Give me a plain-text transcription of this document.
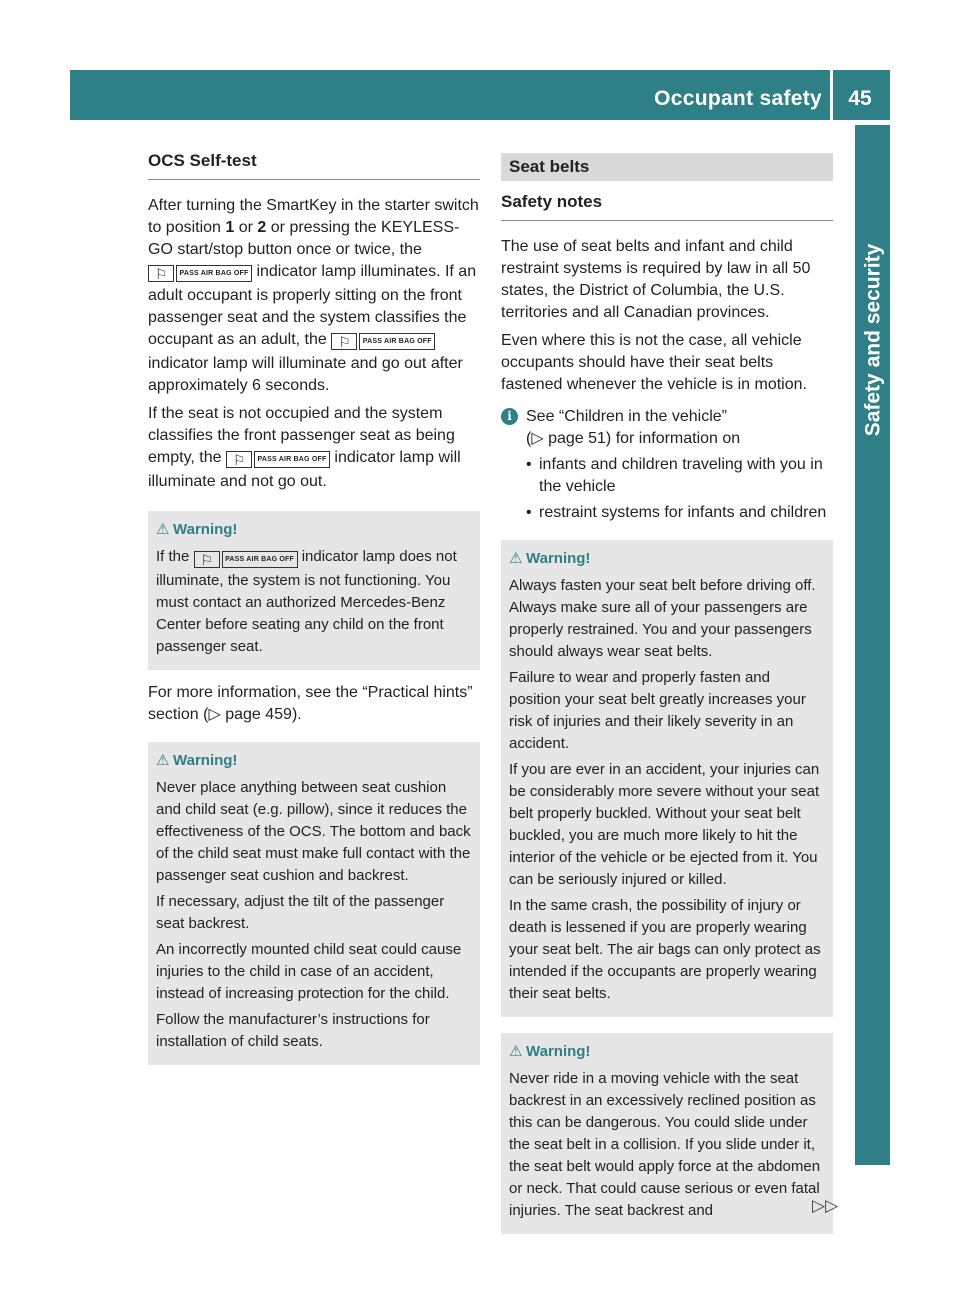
Occupant safety	45
Safety and security
OCS Self-test

After turning the SmartKey in the starter switch to position 1 or 2 or pressing the KEYLESS-GO start/stop button once or twice, the ⚐PASS AIR BAG OFF indicator lamp illuminates. If an adult occupant is properly sitting on the front passenger seat and the system classifies the occupant as an adult, the ⚐	PASS AIR BAG OFF indicator lamp will illuminate and go out after approximately 6 seconds.

If the seat is not occupied and the system classifies the front passenger seat as being empty, the ⚐	PASS AIR BAG OFF indicator lamp will illuminate and not go out.

⚠ Warning!

If the ⚐	PASS AIR BAG OFF indicator lamp does not illuminate, the system is not functioning. You must contact an authorized Mercedes-Benz Center before seating any child on the front passenger seat.

For more information, see the “Practical hints” section (▷ page 459).

⚠ Warning!

Never place anything between seat cushion and child seat (e.g. pillow), since it reduces the effectiveness of the OCS. The bottom and back of the child seat must make full contact with the passenger seat cushion and backrest.

If necessary, adjust the tilt of the passenger seat backrest.

An incorrectly mounted child seat could cause injuries to the child in case of an accident, instead of increasing protection for the child.

Follow the manufacturer’s instructions for installation of child seats.

Seat belts
Safety notes

The use of seat belts and infant and child restraint systems is required by law in all 50 states, the District of Columbia, the U.S. territories and all Canadian provinces.

Even where this is not the case, all vehicle occupants should have their seat belts fastened whenever the vehicle is in motion.

i See “Children in the vehicle”
(▷ page 51) for information on
• infants and children traveling with you in the vehicle
• restraint systems for infants and children
⚠ Warning!

Always fasten your seat belt before driving off. Always make sure all of your passengers are properly restrained. You and your passengers should always wear seat belts.

Failure to wear and properly fasten and position your seat belt greatly increases your risk of injuries and their likely severity in an accident.

If you are ever in an accident, your injuries can be considerably more severe without your seat belt properly buckled. Without your seat belt buckled, you are much more likely to hit the interior of the vehicle or be ejected from it. You can be seriously injured or killed.

In the same crash, the possibility of injury or death is lessened if you are properly wearing your seat belt. The air bags can only protect as intended if the occupants are properly wearing their seat belts.

⚠ Warning!

Never ride in a moving vehicle with the seat backrest in an excessively reclined position as this can be dangerous. You could slide under the seat belt in a collision. If you slide under it, the seat belt would apply force at the abdomen or neck. That could cause serious or even fatal injuries. The seat backrest and	▷▷
